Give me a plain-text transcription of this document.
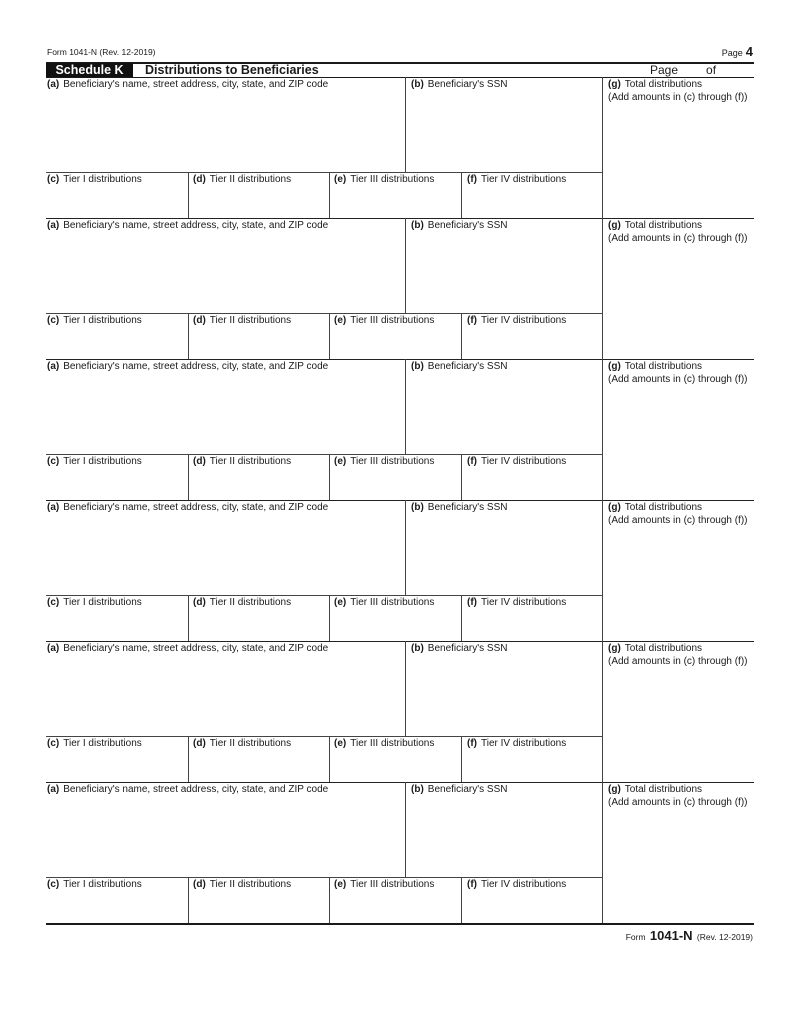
Form 1041-N (Rev. 12-2019)	Page 4
Schedule K	Distributions to Beneficiaries	Page of
(a) Beneficiary's name, street address, city, state, and ZIP code	(b) Beneficiary's SSN	(g) Total distributions
(Add amounts in (c) through (f))
(c) Tier I distributions	(d) Tier II distributions	(e) Tier III distributions	(f) Tier IV distributions
(a) Beneficiary's name, street address, city, state, and ZIP code	(b) Beneficiary's SSN	(g) Total distributions
(Add amounts in (c) through (f))
(c) Tier I distributions	(d) Tier II distributions	(e) Tier III distributions	(f) Tier IV distributions
(a) Beneficiary's name, street address, city, state, and ZIP code	(b) Beneficiary's SSN	(g) Total distributions
(Add amounts in (c) through (f))
(c) Tier I distributions	(d) Tier II distributions	(e) Tier III distributions	(f) Tier IV distributions
(a) Beneficiary's name, street address, city, state, and ZIP code	(b) Beneficiary's SSN	(g) Total distributions
(Add amounts in (c) through (f))
(c) Tier I distributions	(d) Tier II distributions	(e) Tier III distributions	(f) Tier IV distributions
(a) Beneficiary's name, street address, city, state, and ZIP code	(b) Beneficiary's SSN	(g) Total distributions
(Add amounts in (c) through (f))
(c) Tier I distributions	(d) Tier II distributions	(e) Tier III distributions	(f) Tier IV distributions
(a) Beneficiary's name, street address, city, state, and ZIP code	(b) Beneficiary's SSN	(g) Total distributions
(Add amounts in (c) through (f))
(c) Tier I distributions	(d) Tier II distributions	(e) Tier III distributions	(f) Tier IV distributions
Form 1041-N (Rev. 12-2019)
